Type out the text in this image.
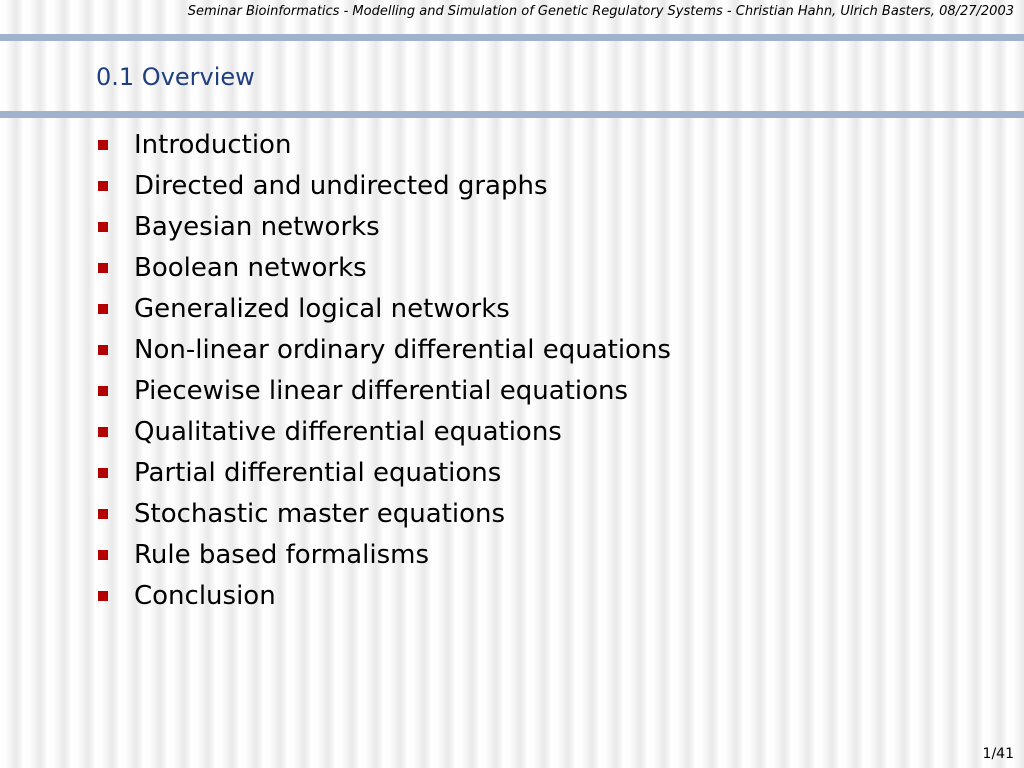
Seminar Bioinformatics - Modelling and Simulation of Genetic Regulatory Systems - Christian Hahn, Ulrich Basters, 08/27/2003
0.1 Overview
Introduction
Directed and undirected graphs
Bayesian networks
Boolean networks
Generalized logical networks
Non-linear ordinary differential equations
Piecewise linear differential equations
Qualitative differential equations
Partial differential equations
Stochastic master equations
Rule based formalisms
Conclusion
1/41
